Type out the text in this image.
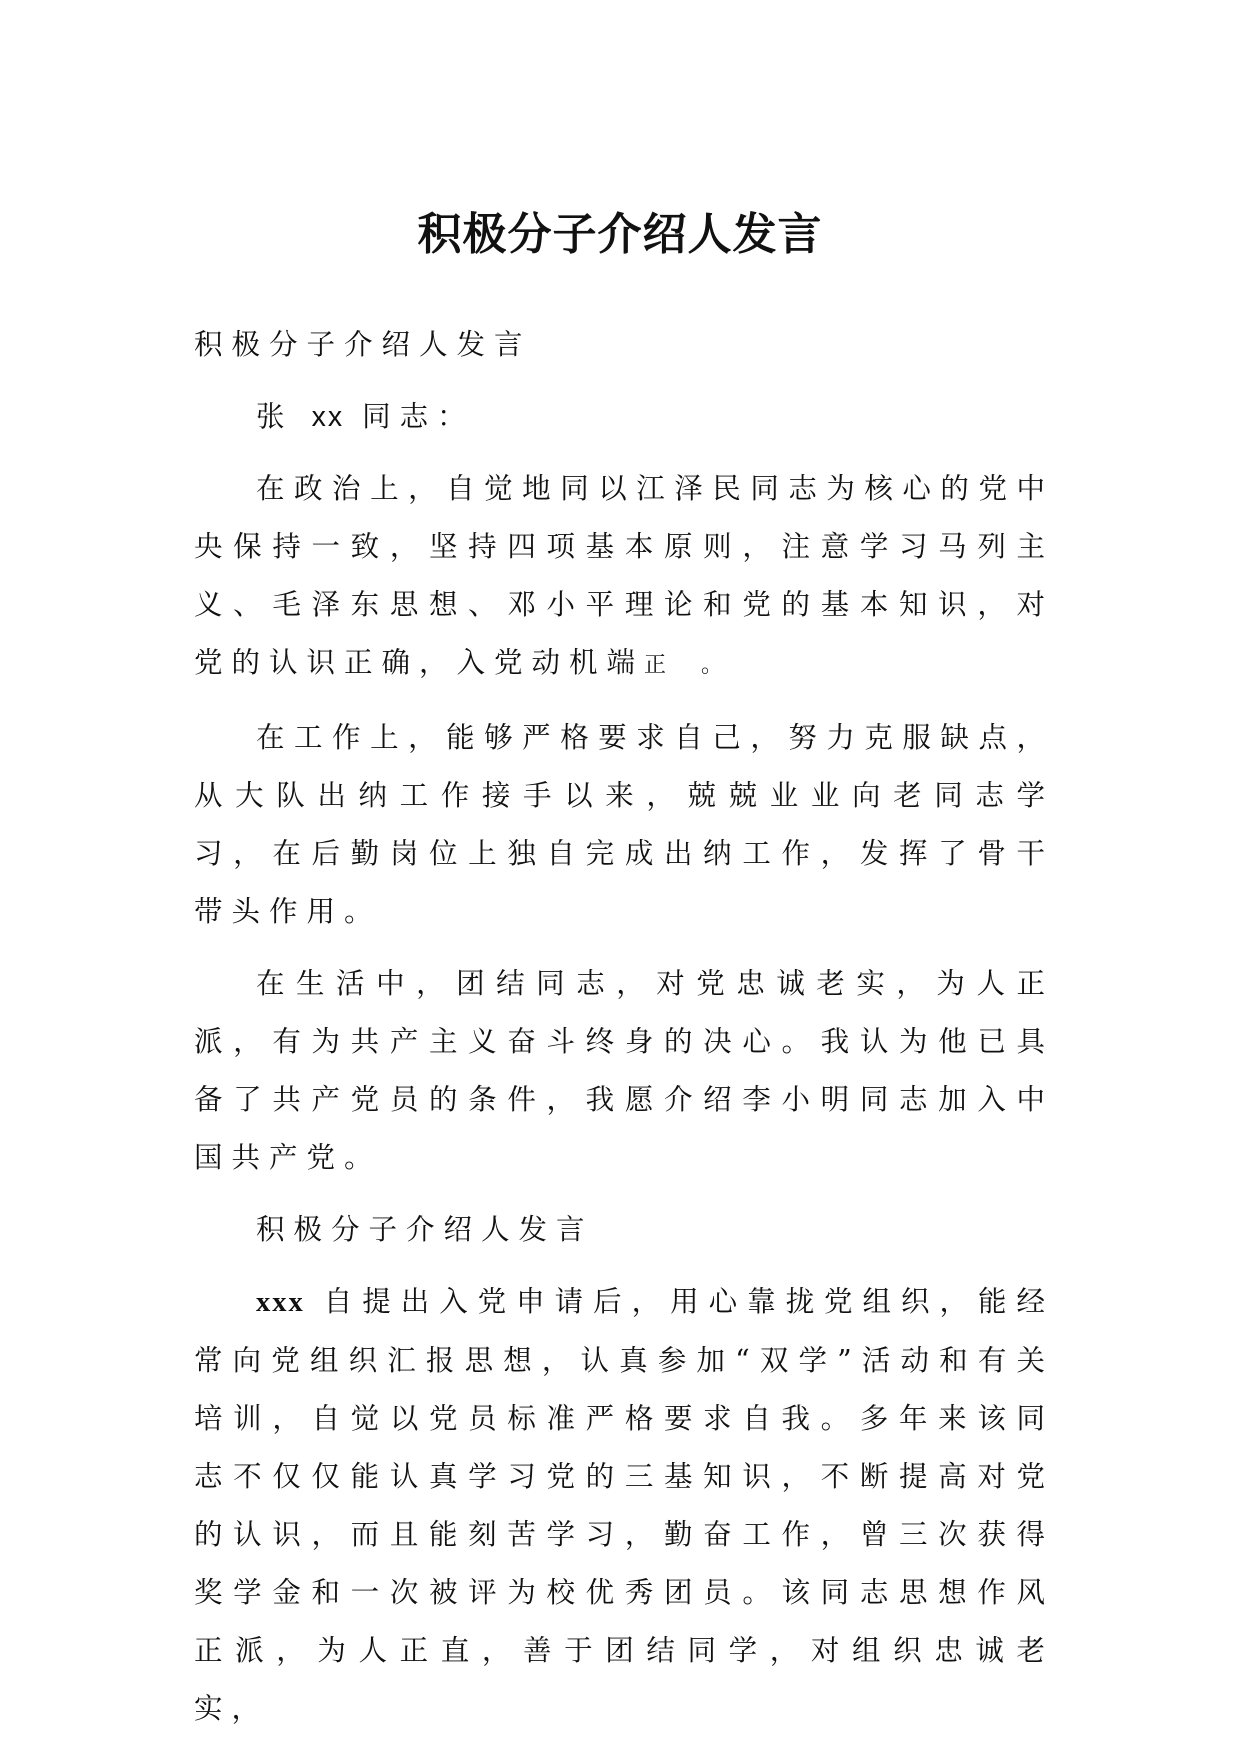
积极分子介绍人发言

积极分子介绍人发言

张 xx 同志：

在政治上，自觉地同以江泽民同志为核心的党中央保持一致，坚持四项基本原则，注意学习马列主义、毛泽东思想、邓小平理论和党的基本知识，对党的认识正确，入党动机端正 。

在工作上，能够严格要求自己，努力克服缺点，从大队出纳工作接手以来，兢兢业业向老同志学习，在后勤岗位上独自完成出纳工作，发挥了骨干带头作用。

在生活中，团结同志，对党忠诚老实，为人正派，有为共产主义奋斗终身的决心。我认为他已具备了共产党员的条件，我愿介绍李小明同志加入中国共产党。

积极分子介绍人发言

xxx 自提出入党申请后，用心靠拢党组织，能经常向党组织汇报思想，认真参加“双学”活动和有关培训，自觉以党员标准严格要求自我。多年来该同志不仅仅能认真学习党的三基知识，不断提高对党的认识，而且能刻苦学习，勤奋工作，曾三次获得奖学金和一次被评为校优秀团员。该同志思想作风正派，为人正直，善于团结同学，对组织忠诚老实，
